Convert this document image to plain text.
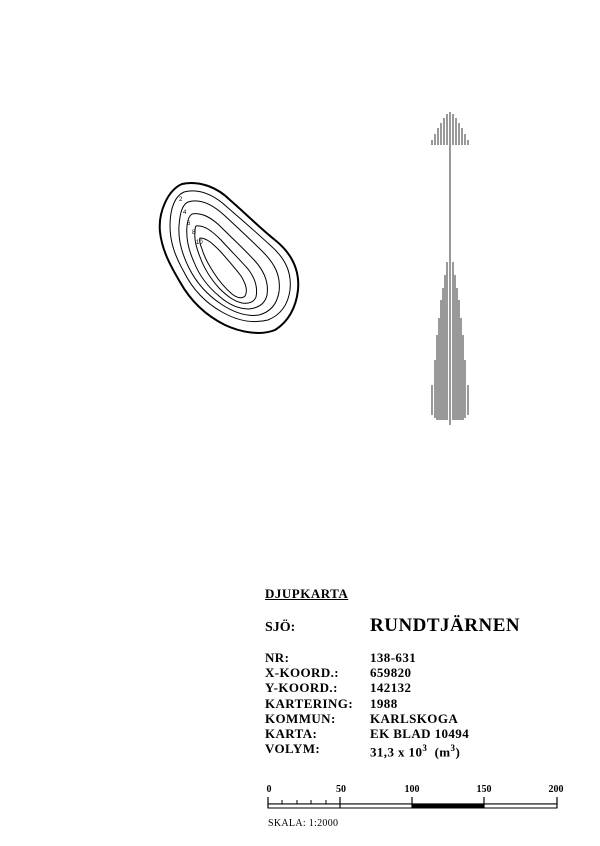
2
4
6
8
10
DJUPKARTA
SJÖ:	RUNDTJÄRNEN
NR:	138-631
X-KOORD.: 659820
Y-KOORD.: 142132
KARTERING: 1988
KOMMUN:	KARLSKOGA
KARTA:	EK BLAD 10494
VOLYM:	31,3 x $10^3$ $(m^3)$
0	50	100	150	200
SKALA: 1:2000
